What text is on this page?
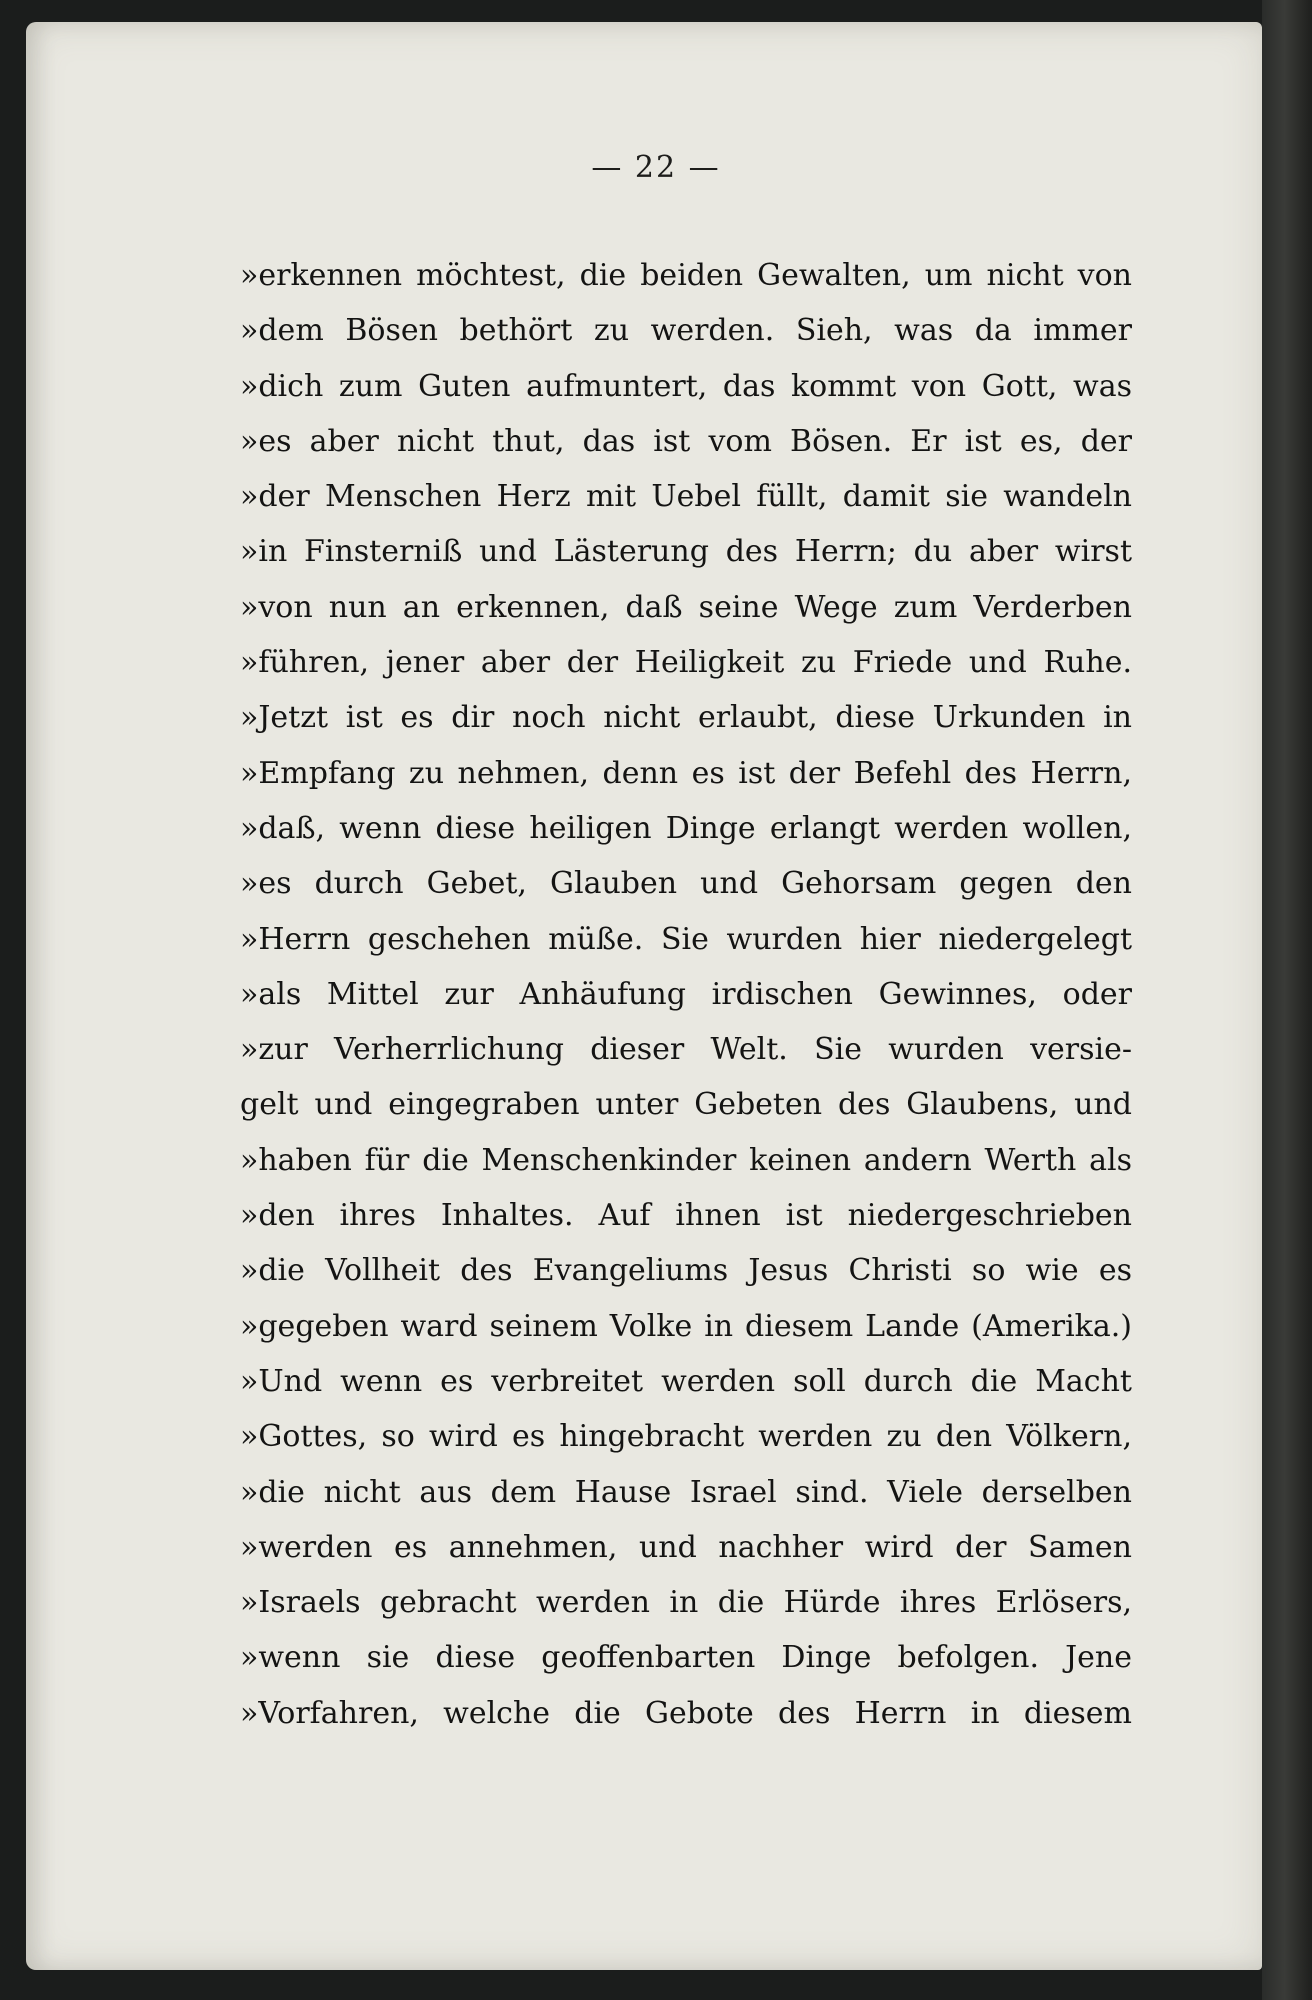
— 22 —
»erkennen möchtest, die beiden Gewalten, um nicht von
»dem Bösen bethört zu werden. Sieh, was da immer
»dich zum Guten aufmuntert, das kommt von Gott, was
»es aber nicht thut, das ist vom Bösen. Er ist es, der
»der Menschen Herz mit Uebel füllt, damit sie wandeln
»in Finsterniß und Lästerung des Herrn; du aber wirst
»von nun an erkennen, daß seine Wege zum Verderben
»führen, jener aber der Heiligkeit zu Friede und Ruhe.
»Jetzt ist es dir noch nicht erlaubt, diese Urkunden in
»Empfang zu nehmen, denn es ist der Befehl des Herrn,
»daß, wenn diese heiligen Dinge erlangt werden wollen,
»es durch Gebet, Glauben und Gehorsam gegen den
»Herrn geschehen müße. Sie wurden hier niedergelegt
»als Mittel zur Anhäufung irdischen Gewinnes, oder
»zur Verherrlichung dieser Welt. Sie wurden versie-
gelt und eingegraben unter Gebeten des Glaubens, und
»haben für die Menschenkinder keinen andern Werth als
»den ihres Inhaltes. Auf ihnen ist niedergeschrieben
»die Vollheit des Evangeliums Jesus Christi so wie es
»gegeben ward seinem Volke in diesem Lande (Amerika.)
»Und wenn es verbreitet werden soll durch die Macht
»Gottes, so wird es hingebracht werden zu den Völkern,
»die nicht aus dem Hause Israel sind. Viele derselben
»werden es annehmen, und nachher wird der Samen
»Israels gebracht werden in die Hürde ihres Erlösers,
»wenn sie diese geoffenbarten Dinge befolgen. Jene
»Vorfahren, welche die Gebote des Herrn in diesem
